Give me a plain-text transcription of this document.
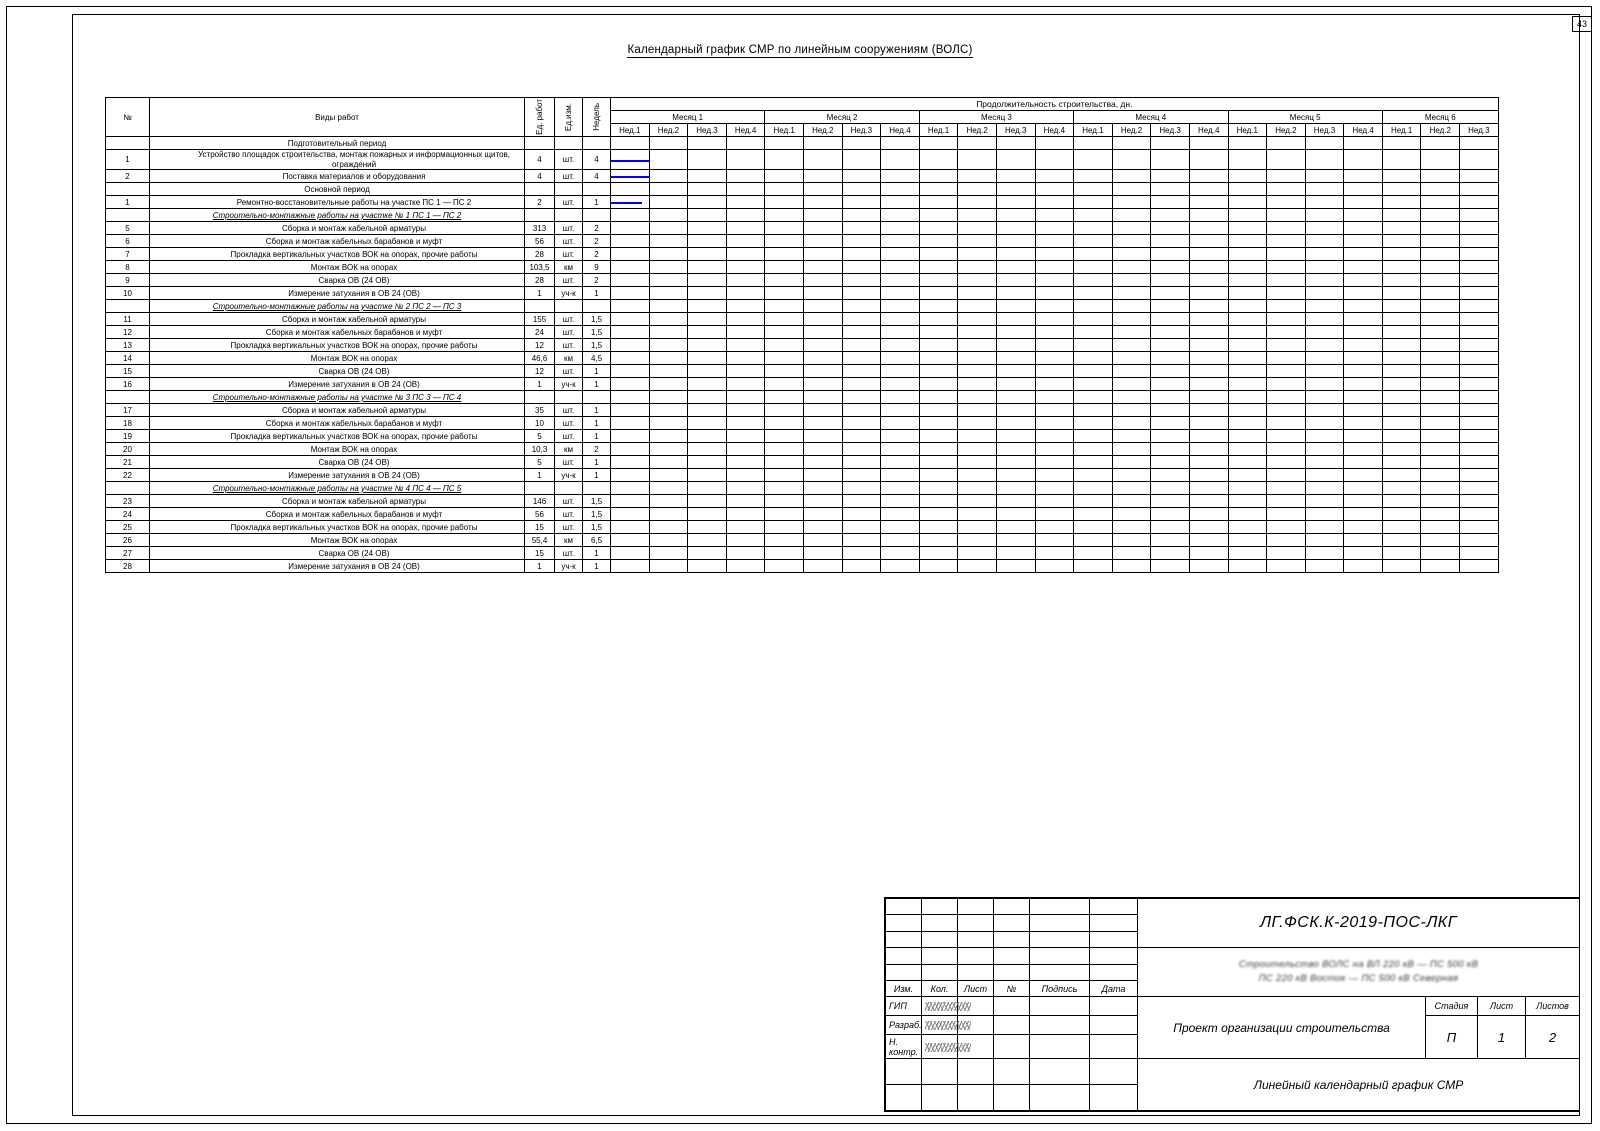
43
Календарный график СМР по линейным сооружениям (ВОЛС)
№	Виды работ	Ед. работ	Ед.изм.	Недель	Продолжительность строительства, дн.																						
					Месяц 1				Месяц 2				Месяц 3				Месяц 4				Месяц 5				Месяц 6		
					Нед.1	Нед.2	Нед.3	Нед.4	Нед.1	Нед.2	Нед.3	Нед.4	Нед.1	Нед.2	Нед.3	Нед.4	Нед.1	Нед.2	Нед.3	Нед.4	Нед.1	Нед.2	Нед.3	Нед.4	Нед.1	Нед.2	Нед.3
	Подготовительный период																										
1	Устройство площадок строительства, монтаж пожарных и информационных щитов, ограждений	4	шт.	4	

2	Поставка материалов и оборудования	4	шт.	4	

	Основной период																										
1	Ремонтно-восстановительные работы на участке ПС 1 — ПС 2	2	шт.	1	

	Строительно-монтажные работы на участке № 1 ПС 1 — ПС 2																										
5	Сборка и монтаж кабельной арматуры	313	шт.	2	

6	Сборка и монтаж кабельных барабанов и муфт	56	шт.	2	

7	Прокладка вертикальных участков ВОК на опорах, прочие работы	28	шт.	2	

8	Монтаж ВОК на опорах	103,5	км	9	

9	Сварка ОВ (24 ОВ)	28	шт.	2	

10	Измерение затухания в ОВ 24 (ОВ)	1	уч-к	1	

	Строительно-монтажные работы на участке № 2 ПС 2 — ПС 3																										
11	Сборка и монтаж кабельной арматуры	155	шт.	1,5	

12	Сборка и монтаж кабельных барабанов и муфт	24	шт.	1,5	

13	Прокладка вертикальных участков ВОК на опорах, прочие работы	12	шт.	1,5	

14	Монтаж ВОК на опорах	46,6	км	4,5	

15	Сварка ОВ (24 ОВ)	12	шт.	1	

16	Измерение затухания в ОВ 24 (ОВ)	1	уч-к	1	

	Строительно-монтажные работы на участке № 3 ПС 3 — ПС 4																										
17	Сборка и монтаж кабельной арматуры	35	шт.	1	

18	Сборка и монтаж кабельных барабанов и муфт	10	шт.	1	

19	Прокладка вертикальных участков ВОК на опорах, прочие работы	5	шт.	1	

20	Монтаж ВОК на опорах	10,3	км	2	

21	Сварка ОВ (24 ОВ)	5	шт.	1	

22	Измерение затухания в ОВ 24 (ОВ)	1	уч-к	1	

	Строительно-монтажные работы на участке № 4 ПС 4 — ПС 5																										
23	Сборка и монтаж кабельной арматуры	146	шт.	1,5	

24	Сборка и монтаж кабельных барабанов и муфт	56	шт.	1,5	

25	Прокладка вертикальных участков ВОК на опорах, прочие работы	15	шт.	1,5	

26	Монтаж ВОК на опорах	55,4	км	6,5	

27	Сварка ОВ (24 ОВ)	15	шт.	1	

28	Измерение затухания в ОВ 24 (ОВ)	1	уч-к	1	

						ЛГ.ФСК.К-2019-ПОС-ЛКГ			

						Строительство ВОЛС на ВЛ 220 кВ — ПС 500 кВ
ПС 220 кВ Восток — ПС 500 кВ Северная			

Изм.	Кол.	Лист	№	Подпись	Дата				
ГИП						Проект организации строительства	Стадия	Лист	Листов
Разраб.							П	1	2
Н. контр.									
						Линейный календарный график СМР			
